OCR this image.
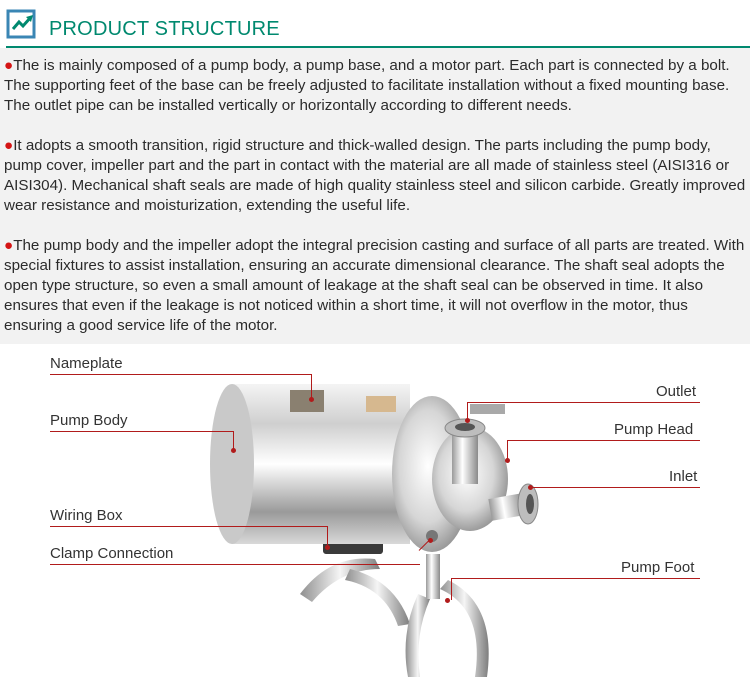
PRODUCT STRUCTURE

●The is mainly composed of a pump body, a pump base, and a motor part. Each part is connected by a bolt. The supporting feet of the base can be freely adjusted to facilitate installation without a fixed mounting base. The outlet pipe can be installed vertically or horizontally according to different needs.

●It adopts a smooth transition, rigid structure and thick-walled design. The parts including the pump body, pump cover, impeller part and the part in contact with the material are all made of stainless steel (AISI316 or AISI304). Mechanical shaft seals are made of high quality stainless steel and silicon carbide. Greatly improved wear resistance and moisturization, extending the useful life.

●The pump body and the impeller adopt the integral precision casting and surface of all parts are treated. With special fixtures to assist installation, ensuring an accurate dimensional clearance. The shaft seal adopts the open type structure, so even a small amount of leakage at the shaft seal can be observed in time. It also ensures that even if the leakage is not noticed within a short time, it will not overflow in the motor, thus ensuring a good service life of the motor.

Nameplate
Pump Body
Wiring Box
Clamp Connection
Outlet
Pump Head
Inlet
Pump Foot
